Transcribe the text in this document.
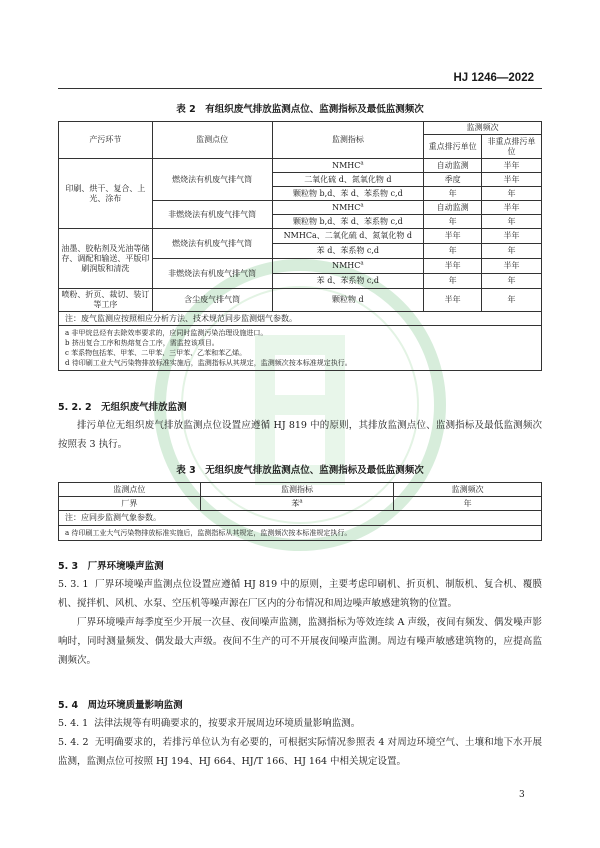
HJ 1246—2022
表 2　有组织废气排放监测点位、监测指标及最低监测频次
产污环节	监测点位	监测指标	监测频次	
			重点排污单位	非重点排污单位
印刷、烘干、复合、上光、涂布	燃烧法有机废气排气筒	NMHC$^a$	自动监测	半年
		二氧化硫 d、氮氧化物 d	季度	半年
		颗粒物 b,d、苯 d、苯系物 c,d	年	年
	非燃烧法有机废气排气筒	NMHC$^a$	自动监测	半年
		颗粒物 b,d、苯 d、苯系物 c,d	年	年
油墨、胶粘剂及光油等储存、调配和输送、平版印刷润版和清洗	燃烧法有机废气排气筒	NMHCa、二氧化硫 d、氮氧化物 d	半年	半年
		苯 d、苯系物 c,d	年	年
	非燃烧法有机废气排气筒	NMHC$^a$	半年	半年
		苯 d、苯系物 c,d	年	年
喷粉、折页、裁切、装订等工序	含尘废气排气筒	颗粒物 d	半年	年
注：废气监测应按照相应分析方法、技术规范同步监测烟气参数。				

a 非甲烷总烃有去除效率要求的，应同时监测污染治理设施进口。
b 挤出复合工序和热熔复合工序，需监控该项目。
c 苯系物包括苯、甲苯、二甲苯、三甲苯、乙苯和苯乙烯。
d 待印刷工业大气污染物排放标准实施后，监测指标从其规定，监测频次按本标准规定执行。				
5. 2. 2　无组织废气排放监测
排污单位无组织废气排放监测点位设置应遵循 HJ 819 中的原则，其排放监测点位、监测指标及最低监测频次按照表 3 执行。
表 3　无组织废气排放监测点位、监测指标及最低监测频次
监测点位	监测指标	监测频次
厂界	苯$^a$	年
注：应同步监测气象参数。		
a 待印刷工业大气污染物排放标准实施后，监测指标从其规定，监测频次按本标准规定执行。		
5. 3　厂界环境噪声监测
5. 3. 1 厂界环境噪声监测点位设置应遵循 HJ 819 中的原则，主要考虑印刷机、折页机、制版机、复合机、覆膜机、搅拌机、风机、水泵、空压机等噪声源在厂区内的分布情况和周边噪声敏感建筑物的位置。
厂界环境噪声每季度至少开展一次昼、夜间噪声监测，监测指标为等效连续 A 声级，夜间有频发、偶发噪声影响时，同时测量频发、偶发最大声级。夜间不生产的可不开展夜间噪声监测。周边有噪声敏感建筑物的，应提高监测频次。
5. 4　周边环境质量影响监测
5. 4. 1 法律法规等有明确要求的，按要求开展周边环境质量影响监测。
5. 4. 2 无明确要求的，若排污单位认为有必要的，可根据实际情况参照表 4 对周边环境空气、土壤和地下水开展监测，监测点位可按照 HJ 194、HJ 664、HJ/T 166、HJ 164 中相关规定设置。
3
